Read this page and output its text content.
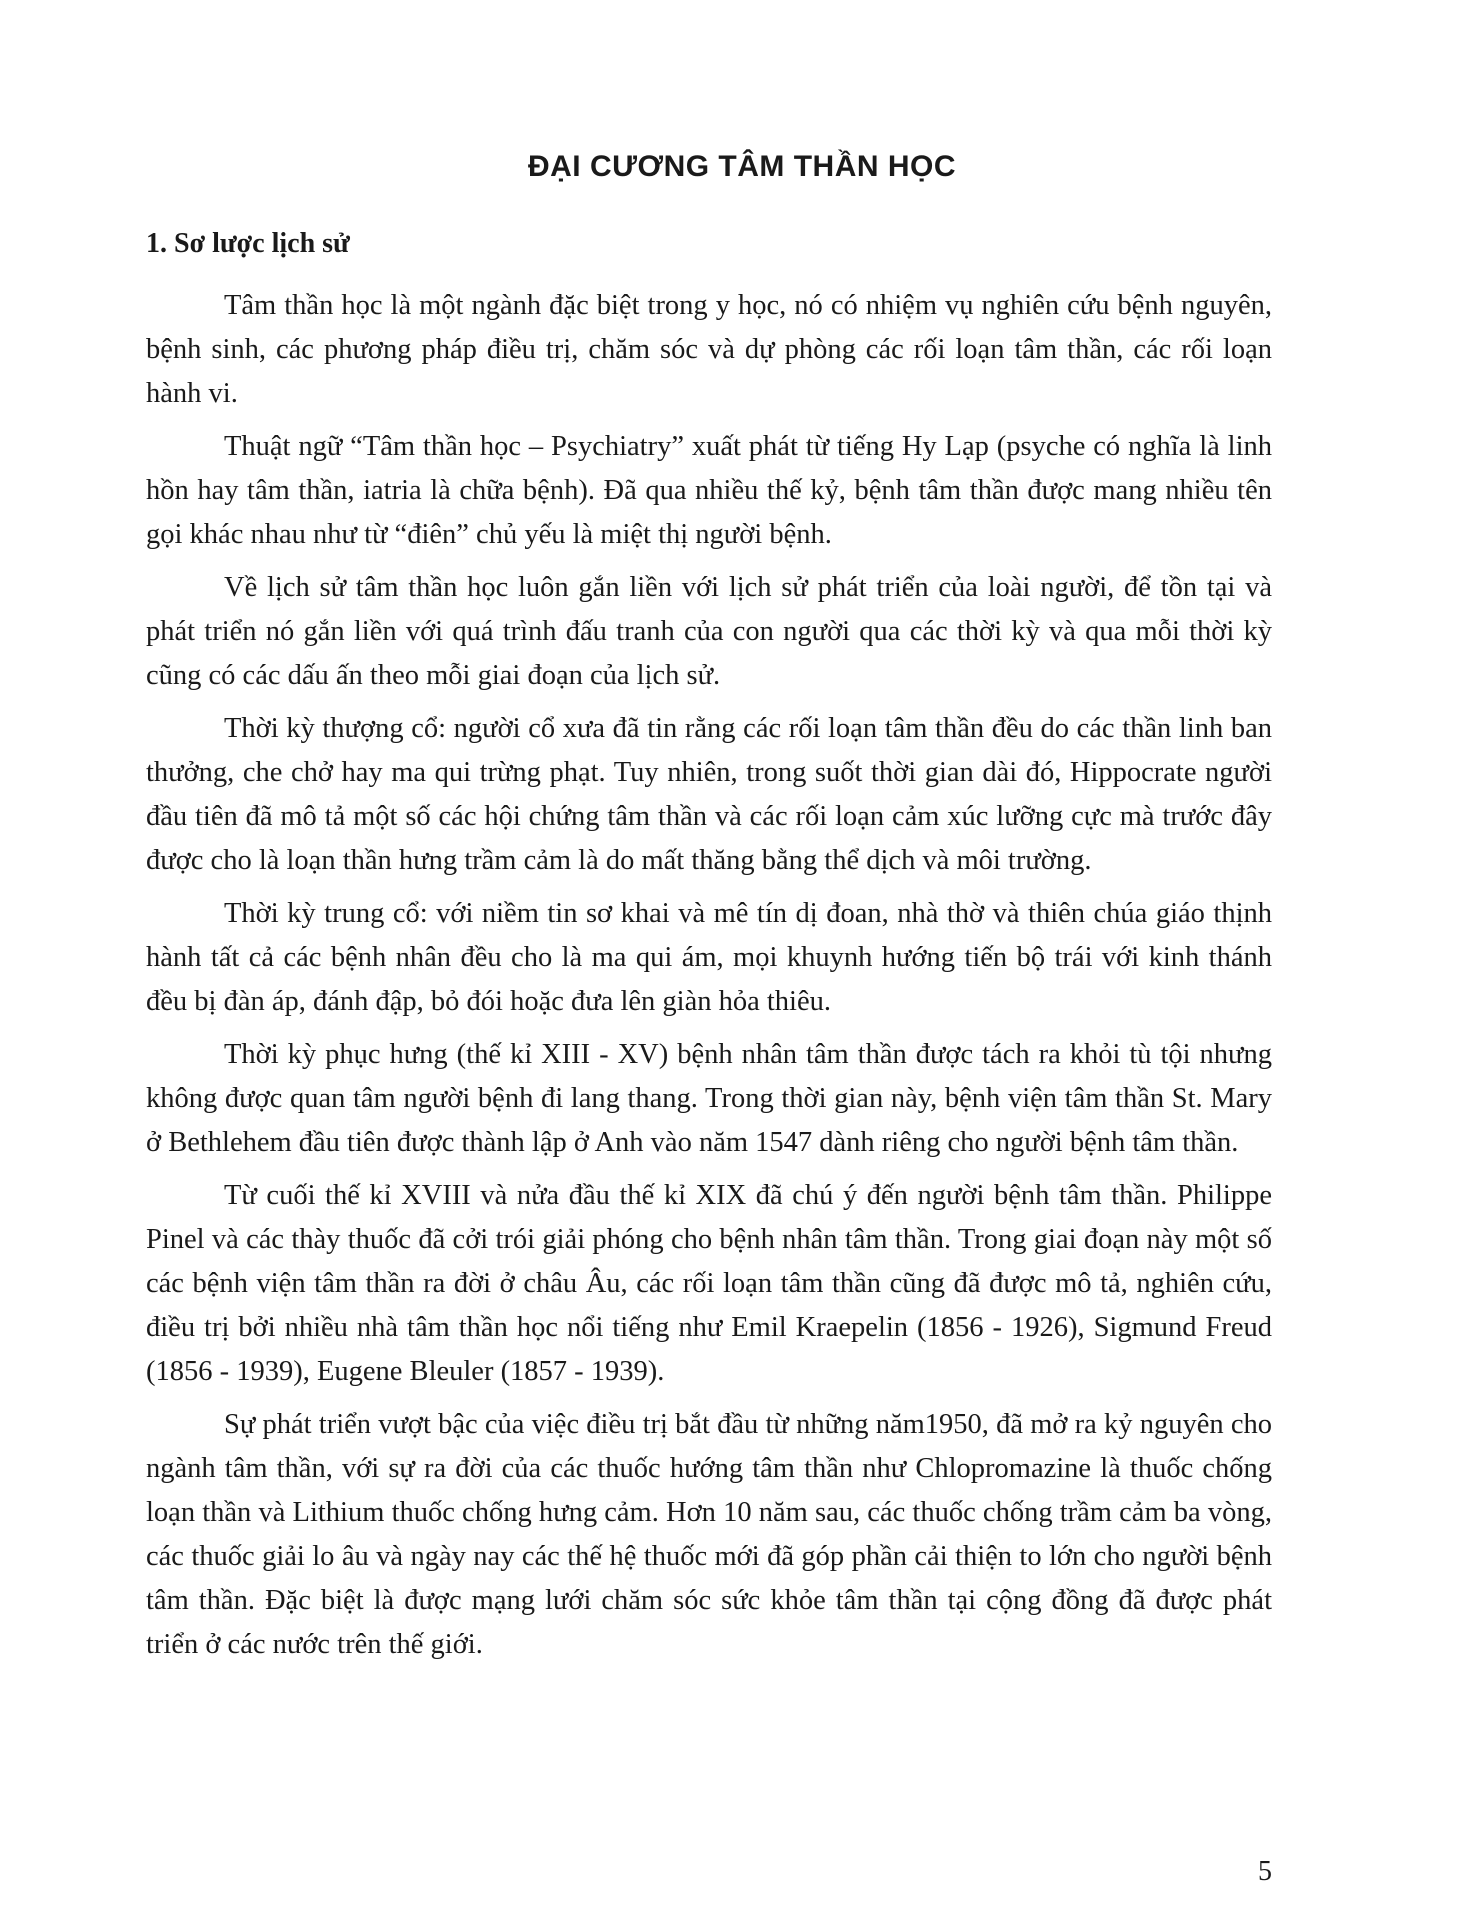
ĐẠI CƯƠNG TÂM THẦN HỌC
1. Sơ lược lịch sử

Tâm thần học là một ngành đặc biệt trong y học, nó có nhiệm vụ nghiên cứu bệnh nguyên, bệnh sinh, các phương pháp điều trị, chăm sóc và dự phòng các rối loạn tâm thần, các rối loạn hành vi.

Thuật ngữ “Tâm thần học – Psychiatry” xuất phát từ tiếng Hy Lạp (psyche có nghĩa là linh hồn hay tâm thần, iatria là chữa bệnh). Đã qua nhiều thế kỷ, bệnh tâm thần được mang nhiều tên gọi khác nhau như từ “điên” chủ yếu là miệt thị người bệnh.

Về lịch sử tâm thần học luôn gắn liền với lịch sử phát triển của loài người, để tồn tại và phát triển nó gắn liền với quá trình đấu tranh của con người qua các thời kỳ và qua mỗi thời kỳ cũng có các dấu ấn theo mỗi giai đoạn của lịch sử.

Thời kỳ thượng cổ: người cổ xưa đã tin rằng các rối loạn tâm thần đều do các thần linh ban thưởng, che chở hay ma qui trừng phạt. Tuy nhiên, trong suốt thời gian dài đó, Hippocrate người đầu tiên đã mô tả một số các hội chứng tâm thần và các rối loạn cảm xúc lưỡng cực mà trước đây được cho là loạn thần hưng trầm cảm là do mất thăng bằng thể dịch và môi trường.

Thời kỳ trung cổ: với niềm tin sơ khai và mê tín dị đoan, nhà thờ và thiên chúa giáo thịnh hành tất cả các bệnh nhân đều cho là ma qui ám, mọi khuynh hướng tiến bộ trái với kinh thánh đều bị đàn áp, đánh đập, bỏ đói hoặc đưa lên giàn hỏa thiêu.

Thời kỳ phục hưng (thế kỉ XIII - XV) bệnh nhân tâm thần được tách ra khỏi tù tội nhưng không được quan tâm người bệnh đi lang thang. Trong thời gian này, bệnh viện tâm thần St. Mary ở Bethlehem đầu tiên được thành lập ở Anh vào năm 1547 dành riêng cho người bệnh tâm thần.

Từ cuối thế kỉ XVIII và nửa đầu thế kỉ XIX đã chú ý đến người bệnh tâm thần. Philippe Pinel và các thày thuốc đã cởi trói giải phóng cho bệnh nhân tâm thần. Trong giai đoạn này một số các bệnh viện tâm thần ra đời ở châu Âu, các rối loạn tâm thần cũng đã được mô tả, nghiên cứu, điều trị bởi nhiều nhà tâm thần học nổi tiếng như Emil Kraepelin (1856 - 1926), Sigmund Freud (1856 - 1939), Eugene Bleuler (1857 - 1939).

Sự phát triển vượt bậc của việc điều trị bắt đầu từ những năm1950, đã mở ra kỷ nguyên cho ngành tâm thần, với sự ra đời của các thuốc hướng tâm thần như Chlopromazine là thuốc chống loạn thần và Lithium thuốc chống hưng cảm. Hơn 10 năm sau, các thuốc chống trầm cảm ba vòng, các thuốc giải lo âu và ngày nay các thế hệ thuốc mới đã góp phần cải thiện to lớn cho người bệnh tâm thần. Đặc biệt là được mạng lưới chăm sóc sức khỏe tâm thần tại cộng đồng đã được phát triển ở các nước trên thế giới.

5
